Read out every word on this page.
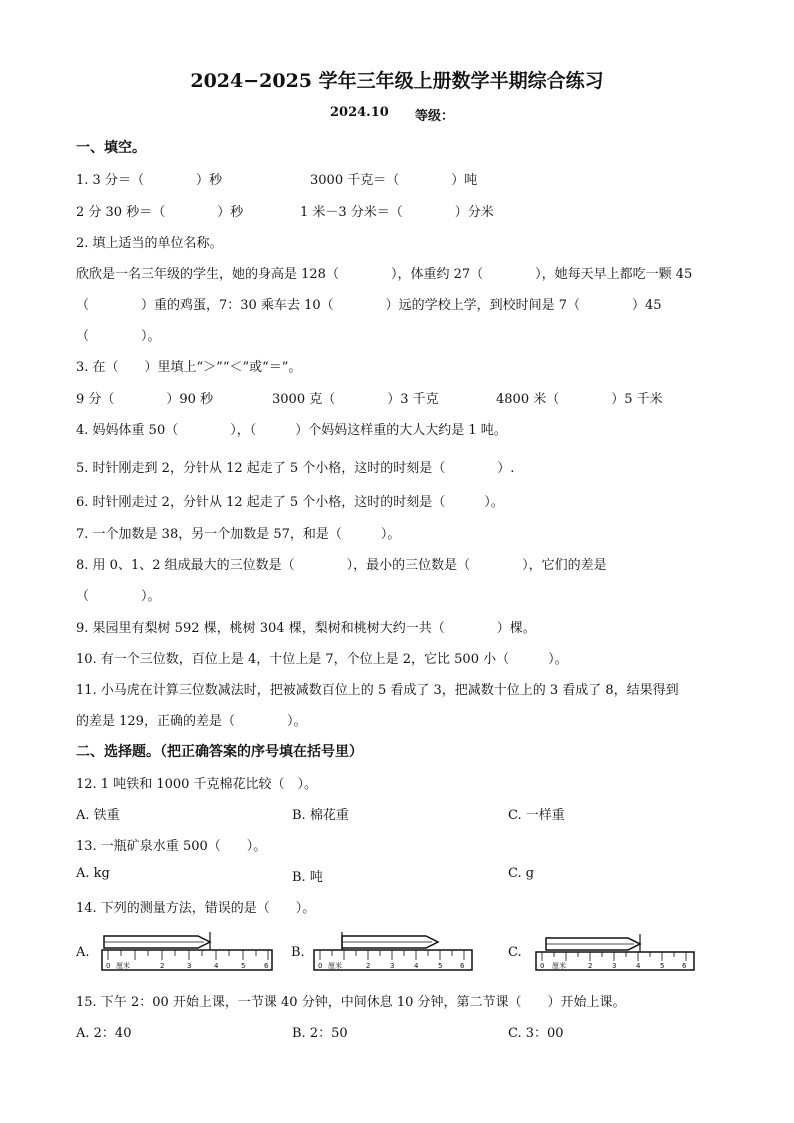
2024−2025 学年三年级上册数学半期综合练习
2024.10 等级：
一、填空。
1. 3 分＝（　　　　）秒	3000 千克＝（　　　　）吨
2 分 30 秒＝（　　　　）秒	1 米－3 分米＝（　　　　）分米
2. 填上适当的单位名称。
欣欣是一名三年级的学生，她的身高是 128（　　　　），体重约 27（　　　　），她每天早上都吃一颗 45
（　　　　）重的鸡蛋，7：30 乘车去 10（　　　　）远的学校上学，到校时间是 7（　　　　）45
（　　　　）。
3. 在（　　）里填上“＞”“＜”或“＝”。
9 分（　　　　）90 秒	3000 克（　　　　）3 千克	4800 米（　　　　）5 千米
4. 妈妈体重 50（　　　　），（　　　）个妈妈这样重的大人大约是 1 吨。
5. 时针刚走到 2，分针从 12 起走了 5 个小格，这时的时刻是（　　　　）.
6. 时针刚走过 2，分针从 12 起走了 5 个小格，这时的时刻是（　　　）。
7. 一个加数是 38，另一个加数是 57，和是（　　　）。
8. 用 0、1、2 组成最大的三位数是（　　　　），最小的三位数是（　　　　），它们的差是
（　　　　）。
9. 果园里有梨树 592 棵，桃树 304 棵，梨树和桃树大约一共（　　　　）棵。
10. 有一个三位数，百位上是 4，十位上是 7，个位上是 2，它比 500 小（　　　）。
11. 小马虎在计算三位数减法时，把被减数百位上的 5 看成了 3，把减数十位上的 3 看成了 8，结果得到
的差是 129，正确的差是（　　　　）。
二、选择题。（把正确答案的序号填在括号里）
12. 1 吨铁和 1000 千克棉花比较（　）。
A. 铁重	B. 棉花重	C. 一样重
13. 一瓶矿泉水重 500（　　）。
A. kg	B. 吨	C. g
14. 下列的测量方法，错误的是（　　）。
A.	B.	C.
0 厘米	2	3	4	5	6	0 厘米	2	3	4	5	6	0 厘米	2	3	4	5	6
15. 下午 2：00 开始上课，一节课 40 分钟，中间休息 10 分钟，第二节课（　　）开始上课。
A. 2：40	B. 2：50	C. 3：00
